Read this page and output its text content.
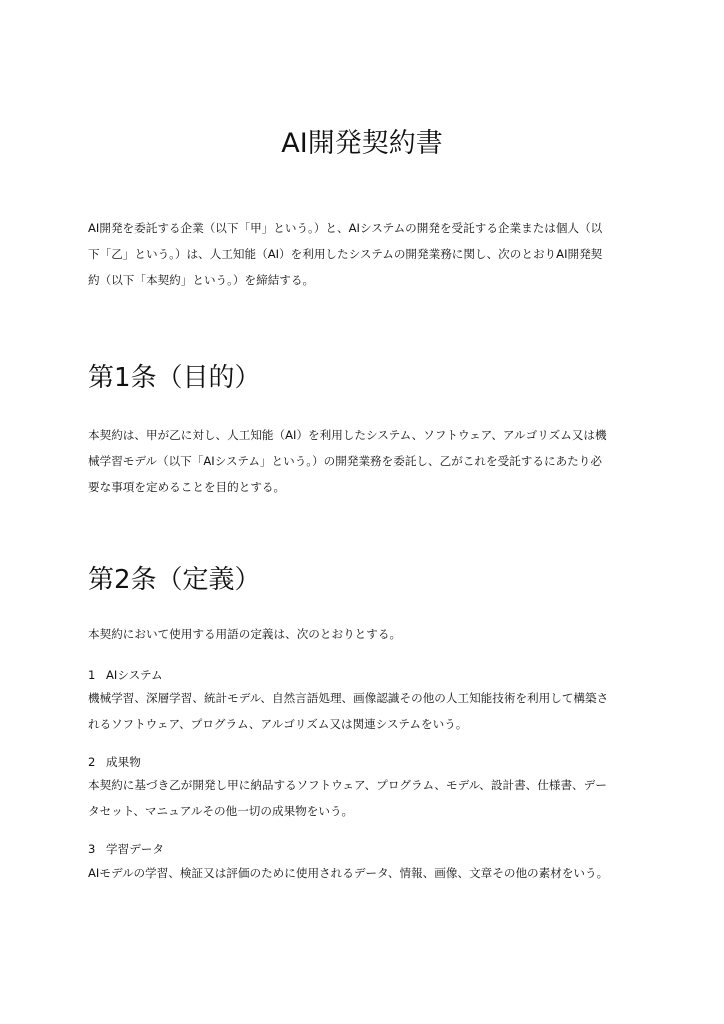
AI開発契約書
AI開発を委託する企業（以下「甲」という。）と、AIシステムの開発を受託する企業または個人（以
下「乙」という。）は、人工知能（AI）を利用したシステムの開発業務に関し、次のとおりAI開発契
約（以下「本契約」という。）を締結する。
第1条（目的）
本契約は、甲が乙に対し、人工知能（AI）を利用したシステム、ソフトウェア、アルゴリズム又は機
械学習モデル（以下「AIシステム」という。）の開発業務を委託し、乙がこれを受託するにあたり必
要な事項を定めることを目的とする。
第2条（定義）
本契約において使用する用語の定義は、次のとおりとする。
1 AIシステム
機械学習、深層学習、統計モデル、自然言語処理、画像認識その他の人工知能技術を利用して構築さ
れるソフトウェア、プログラム、アルゴリズム又は関連システムをいう。
2 成果物
本契約に基づき乙が開発し甲に納品するソフトウェア、プログラム、モデル、設計書、仕様書、デー
タセット、マニュアルその他一切の成果物をいう。
3 学習データ
AIモデルの学習、検証又は評価のために使用されるデータ、情報、画像、文章その他の素材をいう。
